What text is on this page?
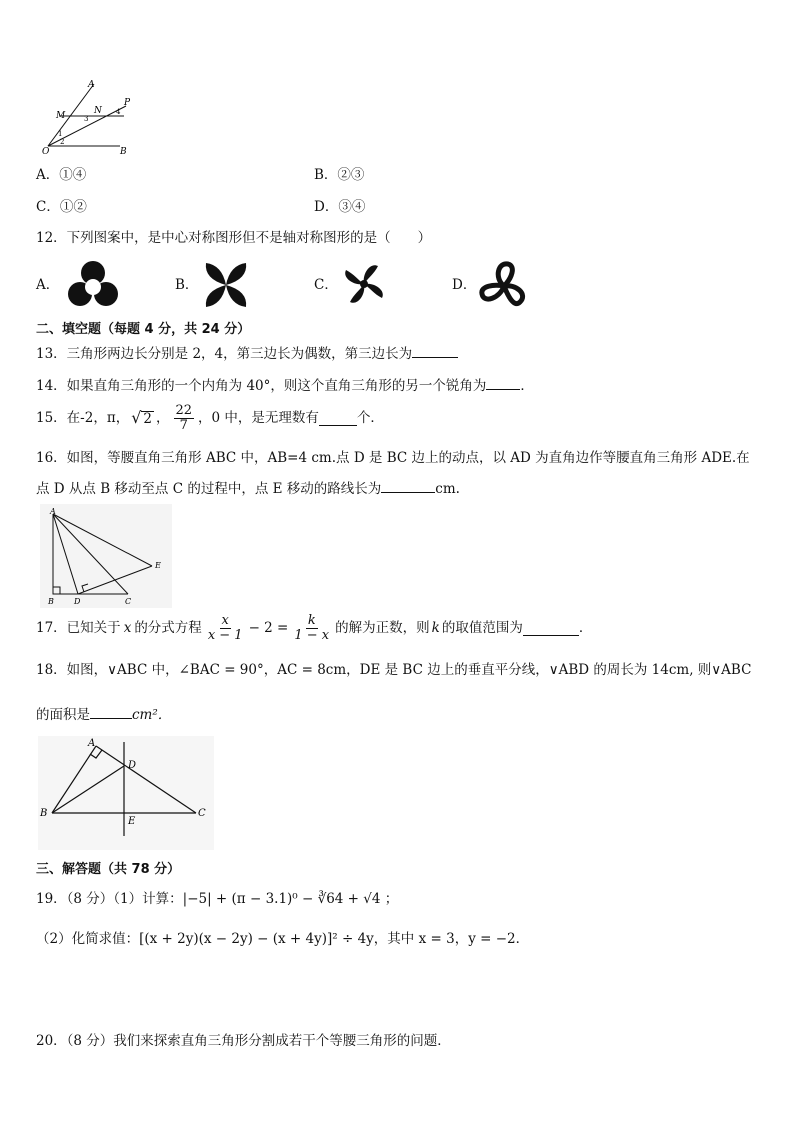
A
M	N
P
O	B
1
2
3
4
A．①④	B．②③
C．①②	D．③④
12．下列图案中，是中心对称图形但不是轴对称图形的是（　　）
A．	B．	C．	D．
二、填空题（每题 4 分，共 24 分）
13．三角形两边长分别是 2，4，第三边长为偶数，第三边长为
14．如果直角三角形的一个内角为 40°，则这个直角三角形的另一个锐角为	．
15．在-2，π， √ 2 ， $\frac{22}{7}$ ，0 中，是无理数有	个．
16．如图，等腰直角三角形 ABC 中，AB=4 cm.点 D 是 BC 边上的动点，以 AD 为直角边作等腰直角三角形 ADE.在
点 D 从点 B 移动至点 C 的过程中，点 E 移动的路线长为	cm.
A
B	D	C
E
17．已知关于 x 的分式方程 $\frac{x}{x - 1} - 2 = \frac{k}{1 - x}$ 的解为正数，则 k 的取值范围为	．
18．如图，∨ABC 中，∠BAC = 90°，AC = 8cm，DE 是 BC 边上的垂直平分线，∨ABD 的周长为 14cm, 则∨ABC
的面积是	cm²．
A
B	C
D
E
三、解答题（共 78 分）
19．（8 分）（1）计算：|−5| + (π − 3.1)⁰ − ∛64 + √4 ；
（2）化简求值：[(x + 2y)(x − 2y) − (x + 4y)]² ÷ 4y，其中 x = 3，y = −2．
20．（8 分）我们来探索直角三角形分割成若干个等腰三角形的问题．
